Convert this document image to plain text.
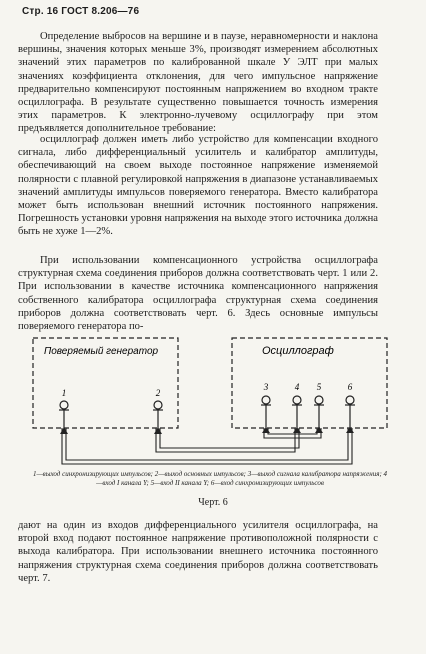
Стр. 16 ГОСТ 8.206—76

Определение выбросов на вершине и в паузе, неравномерности и наклона вершины, значения которых меньше 3%, производят измерением абсолютных значений этих параметров по калиброванной шкале У ЭЛТ при малых значениях коэффициента отклонения, для чего импульсное напряжение предварительно компенсируют постоянным напряжением во входном тракте осциллографа. В результате существенно повышается точность измерения этих параметров. К электронно-лучевому осциллографу при этом предъявляется дополнительное требование:

осциллограф должен иметь либо устройство для компенсации входного сигнала, либо дифференциальный усилитель и калибратор амплитуды, обеспечивающий на своем выходе постоянное напряжение изменяемой полярности с плавной регулировкой напряжения в диапазоне устанавливаемых значений амплитуды импульсов поверяемого генератора. Вместо калибратора может быть использован внешний источник постоянного напряжения. Погрешность установки уровня напряжения на выходе этого источника должна быть не хуже 1—2%.

При использовании компенсационного устройства осциллографа структурная схема соединения приборов должна соответствовать черт. 1 или 2. При использовании в качестве источника компенсационного напряжения собственного калибратора осциллографа структурная схема соединения приборов должна соответствовать черт. 6. Здесь основные импульсы поверяемого генератора по-

Поверяемый генератор	Осциллограф
1	2
3	4 5	6
1—выход синхронизирующих импульсов; 2—выход основных импульсов; 3—выход сигнала калибратора напряжения; 4—вход I канала Y; 5—вход II канала Y; 6—вход синхронизирующих импульсов
Черт. 6

дают на один из входов дифференциального усилителя осциллографа, на второй вход подают постоянное напряжение противоположной полярности с выхода калибратора. При использовании внешнего источника постоянного напряжения структурная схема соединения приборов должна соответствовать черт. 7.
